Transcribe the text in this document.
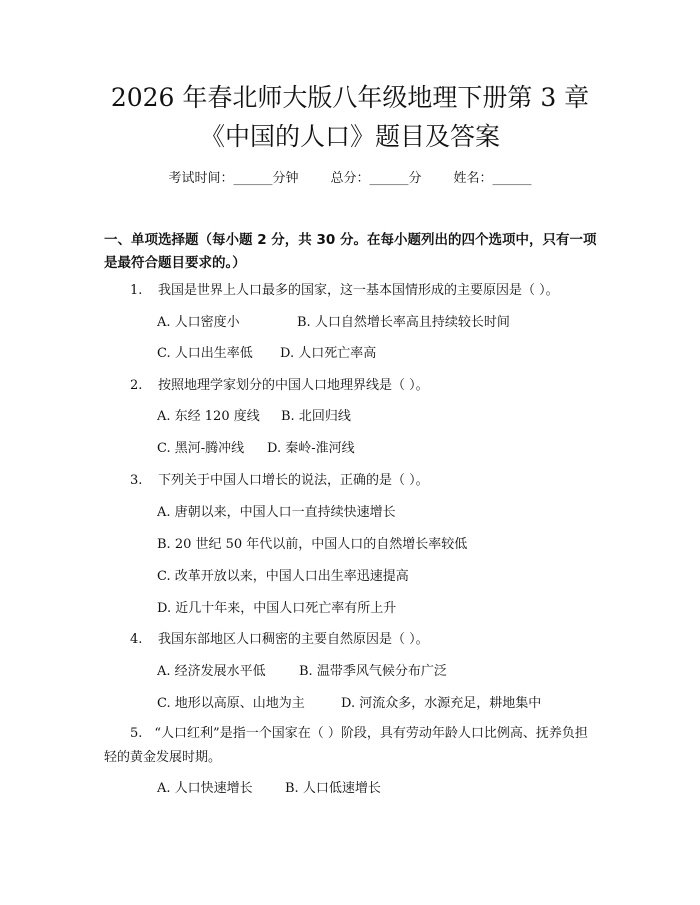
2026 年春北师大版八年级地理下册第 3 章
《中国的人口》题目及答案
考试时间：______分钟 总分：______分 姓名：______

一、单项选择题（每小题 2 分，共 30 分。在每小题列出的四个选项中，只有一项是最符合题目要求的。）

1. 我国是世界上人口最多的国家，这一基本国情形成的主要原因是（ ）。
A. 人口密度小	B. 人口自然增长率高且持续较长时间
C. 人口出生率低 D. 人口死亡率高
2. 按照地理学家划分的中国人口地理界线是（ ）。
A. 东经 120 度线 B. 北回归线
C. 黑河-腾冲线 D. 秦岭-淮河线
3. 下列关于中国人口增长的说法，正确的是（ ）。
A. 唐朝以来，中国人口一直持续快速增长
B. 20 世纪 50 年代以前，中国人口的自然增长率较低
C. 改革开放以来，中国人口出生率迅速提高
D. 近几十年来，中国人口死亡率有所上升
4. 我国东部地区人口稠密的主要自然原因是（ ）。
A. 经济发展水平低	B. 温带季风气候分布广泛
C. 地形以高原、山地为主	D. 河流众多，水源充足，耕地集中
5. “人口红利”是指一个国家在（ ）阶段，具有劳动年龄人口比例高、抚养负担轻的黄金发展时期。
A. 人口快速增长 B. 人口低速增长
